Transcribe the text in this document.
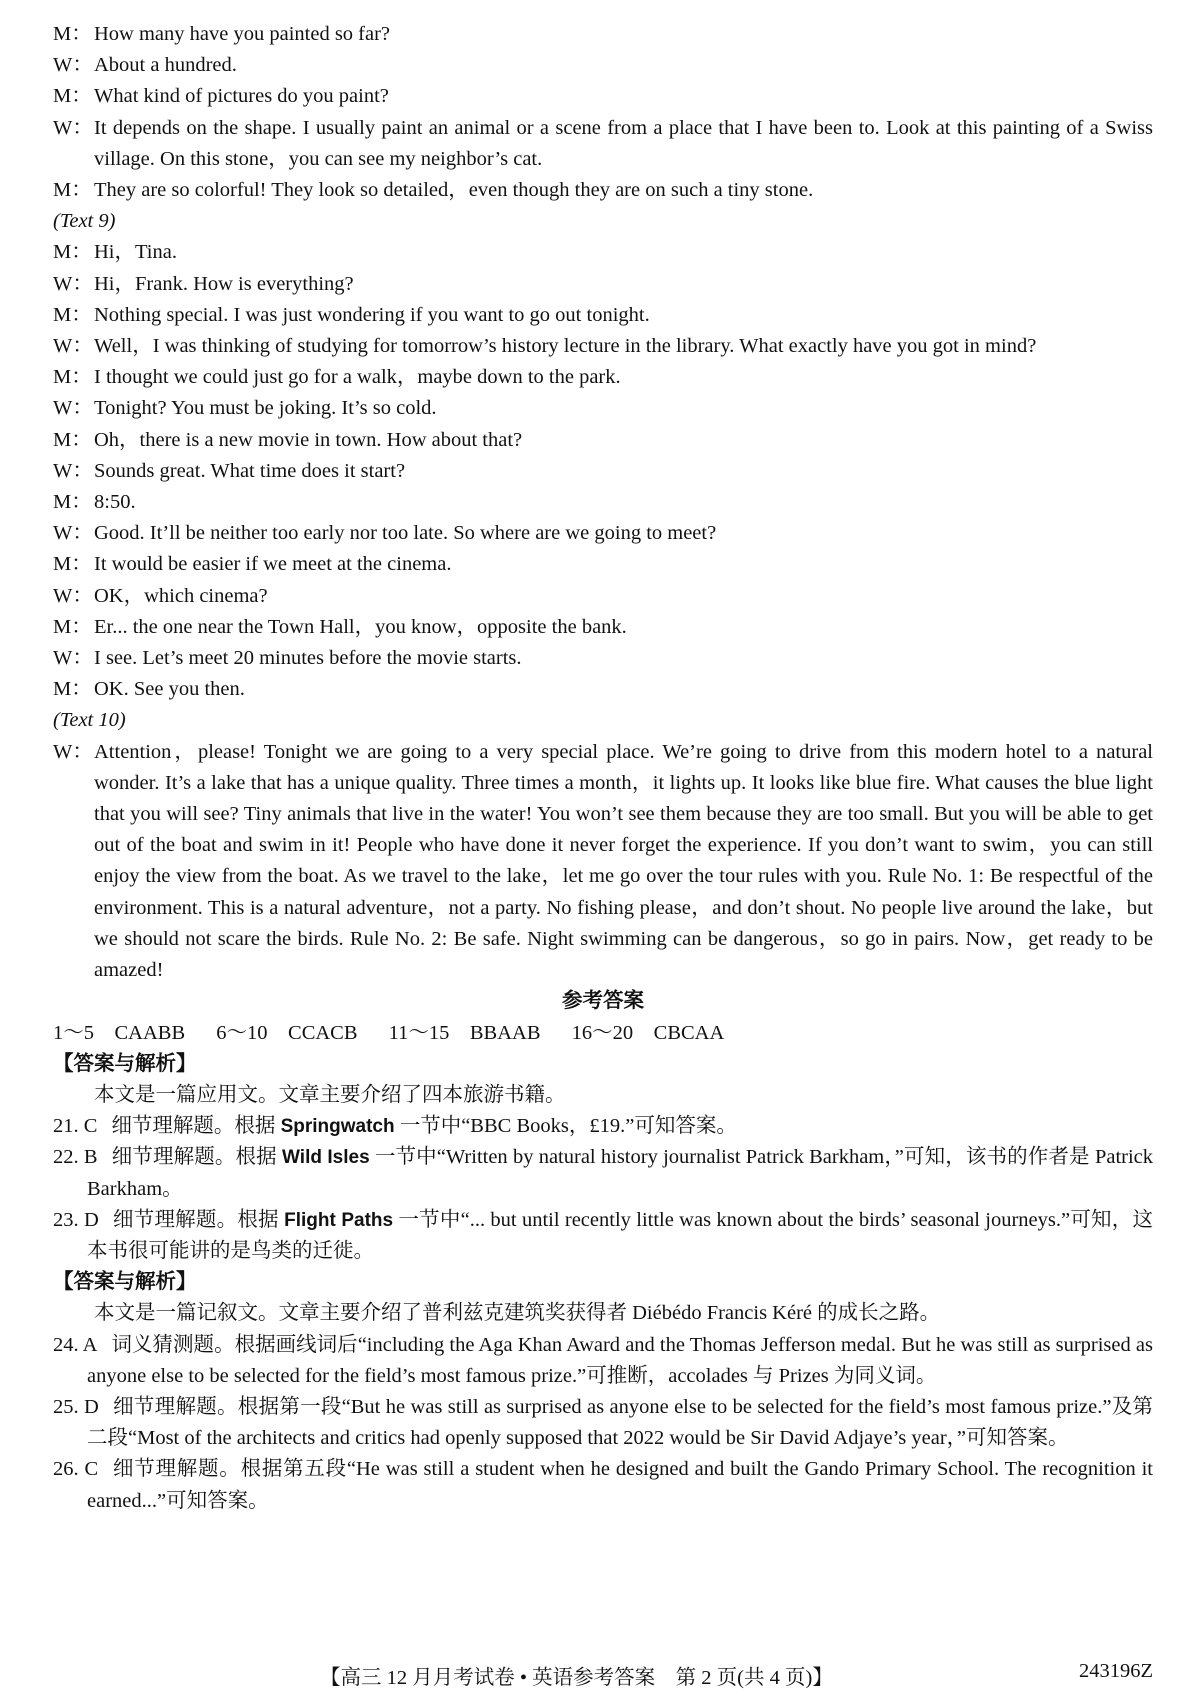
M： How many have you painted so far?
W：About a hundred.
M： What kind of pictures do you paint?
W：It depends on the shape. I usually paint an animal or a scene from a place that I have been to. Look at this painting of a Swiss village. On this stone，you can see my neighbor’s cat.
M： They are so colorful! They look so detailed，even though they are on such a tiny stone.
(Text 9)
M： Hi，Tina.
W：Hi，Frank. How is everything?
M： Nothing special. I was just wondering if you want to go out tonight.
W：Well，I was thinking of studying for tomorrow’s history lecture in the library. What exactly have you got in mind?
M： I thought we could just go for a walk，maybe down to the park.
W：Tonight? You must be joking. It’s so cold.
M： Oh，there is a new movie in town. How about that?
W：Sounds great. What time does it start?
M： 8:50.
W：Good. It’ll be neither too early nor too late. So where are we going to meet?
M： It would be easier if we meet at the cinema.
W：OK，which cinema?
M： Er... the one near the Town Hall，you know，opposite the bank.
W：I see. Let’s meet 20 minutes before the movie starts.
M： OK. See you then.
(Text 10)
W：Attention，please! Tonight we are going to a very special place. We’re going to drive from this modern hotel to a natural wonder. It’s a lake that has a unique quality. Three times a month，it lights up. It looks like blue fire. What causes the blue light that you will see? Tiny animals that live in the water! You won’t see them because they are too small. But you will be able to get out of the boat and swim in it! People who have done it never forget the experience. If you don’t want to swim，you can still enjoy the view from the boat. As we travel to the lake，let me go over the tour rules with you. Rule No. 1: Be respectful of the environment. This is a natural adventure，not a party. No fishing please，and don’t shout. No people live around the lake，but we should not scare the birds. Rule No. 2: Be safe. Night swimming can be dangerous，so go in pairs. Now，get ready to be amazed!
参考答案
1～5　CAABB 6～10　CCACB 11～15　BBAAB 16～20　CBCAA
【答案与解析】
本文是一篇应用文。文章主要介绍了四本旅游书籍。
21. C 细节理解题。根据 Springwatch 一节中“BBC Books，£19.”可知答案。
22. B 细节理解题。根据 Wild Isles 一节中“Written by natural history journalist Patrick Barkham，”可知，该书的作者是 Patrick Barkham。
23. D 细节理解题。根据 Flight Paths 一节中“... but until recently little was known about the birds’ seasonal journeys.”可知，这本书很可能讲的是鸟类的迁徙。
【答案与解析】
本文是一篇记叙文。文章主要介绍了普利兹克建筑奖获得者 Diébédo Francis Kéré 的成长之路。
24. A 词义猜测题。根据画线词后“including the Aga Khan Award and the Thomas Jefferson medal. But he was still as surprised as anyone else to be selected for the field’s most famous prize.”可推断，accolades 与 Prizes 为同义词。
25. D 细节理解题。根据第一段“But he was still as surprised as anyone else to be selected for the field’s most famous prize.”及第二段“Most of the architects and critics had openly supposed that 2022 would be Sir David Adjaye’s year，”可知答案。
26. C 细节理解题。根据第五段“He was still a student when he designed and built the Gando Primary School. The recognition it earned...”可知答案。
【高三 12 月月考试卷 • 英语参考答案　第 2 页(共 4 页)】	243196Z
